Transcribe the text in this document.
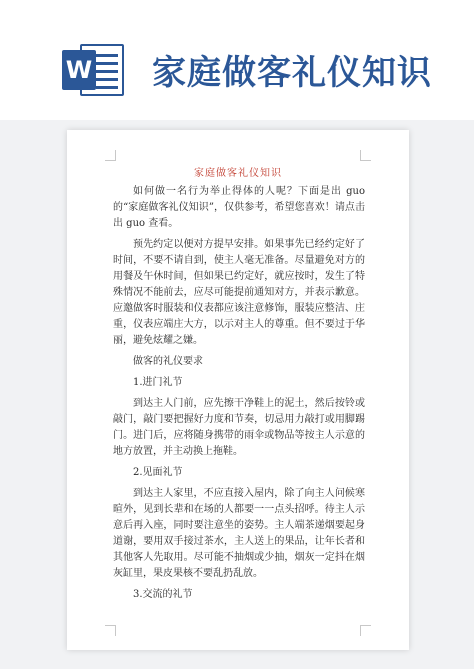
W 家庭做客礼仪知识
家庭做客礼仪知识

如何做一名行为举止得体的人呢？下面是出 guo 的“家庭做客礼仪知识”，仅供参考，希望您喜欢！请点击出 guo 查看。

预先约定以便对方提早安排。如果事先已经约定好了时间，不要不请自到，使主人毫无准备。尽量避免对方的用餐及午休时间，但如果已约定好，就应按时，发生了特殊情况不能前去，应尽可能提前通知对方，并表示歉意。应邀做客时服装和仪表都应该注意修饰，服装应整洁、庄重，仪表应端庄大方，以示对主人的尊重。但不要过于华丽，避免炫耀之嫌。

做客的礼仪要求

1.进门礼节

到达主人门前，应先擦干净鞋上的泥土，然后按铃或敲门，敲门要把握好力度和节奏，切忌用力敲打或用脚踢门。进门后，应将随身携带的雨伞或物品等按主人示意的地方放置，并主动换上拖鞋。

2.见面礼节

到达主人家里，不应直接入屋内，除了向主人问候寒暄外，见到长辈和在场的人都要一一点头招呼。待主人示意后再入座，同时要注意坐的姿势。主人端茶递烟要起身道谢，要用双手接过茶水，主人送上的果品，让年长者和其他客人先取用。尽可能不抽烟或少抽，烟灰一定抖在烟灰缸里，果皮果核不要乱扔乱放。

3.交流的礼节
